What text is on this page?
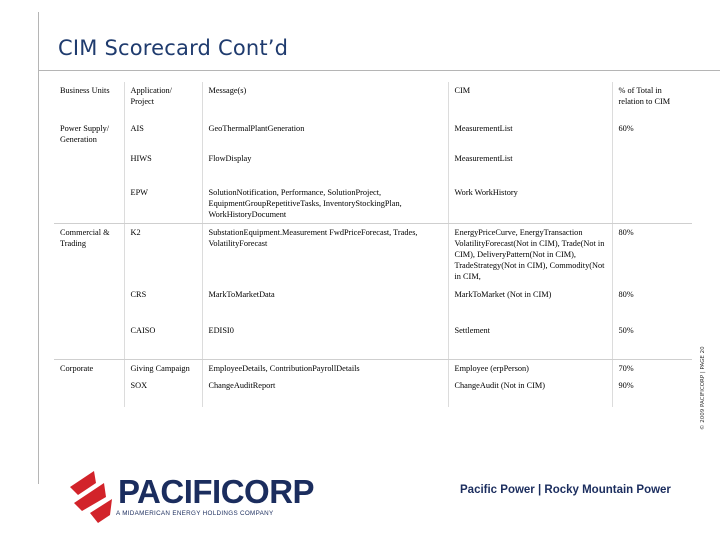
CIM Scorecard Cont’d
© 2009 PACIFICORP | PAGE 20
Business Units	Application/ Project	Message(s)	CIM	% of Total in relation to CIM
Power Supply/ Generation	AIS	GeoThermalPlantGeneration	MeasurementList	60%
	HIWS	FlowDisplay	MeasurementList	
	EPW	SolutionNotification, Performance, SolutionProject, EquipmentGroupRepetitiveTasks, InventoryStockingPlan, WorkHistoryDocument	Work WorkHistory	
Commercial & Trading	K2	SubstationEquipment.Measurement FwdPriceForecast, Trades, VolatilityForecast	EnergyPriceCurve, EnergyTransaction VolatilityForecast(Not in CIM), Trade(Not in CIM), DeliveryPattern(Not in CIM), TradeStrategy(Not in CIM), Commodity(Not in CIM,	80%
	CRS	MarkToMarketData	MarkToMarket (Not in CIM)	80%
	CAISO	EDISI0	Settlement	50%
Corporate	Giving Campaign	EmployeeDetails, ContributionPayrollDetails	Employee (erpPerson)	70%
	SOX	ChangeAuditReport	ChangeAudit (Not in CIM)	90%
PACIFICORP
A MIDAMERICAN ENERGY HOLDINGS COMPANY
Pacific Power | Rocky Mountain Power
